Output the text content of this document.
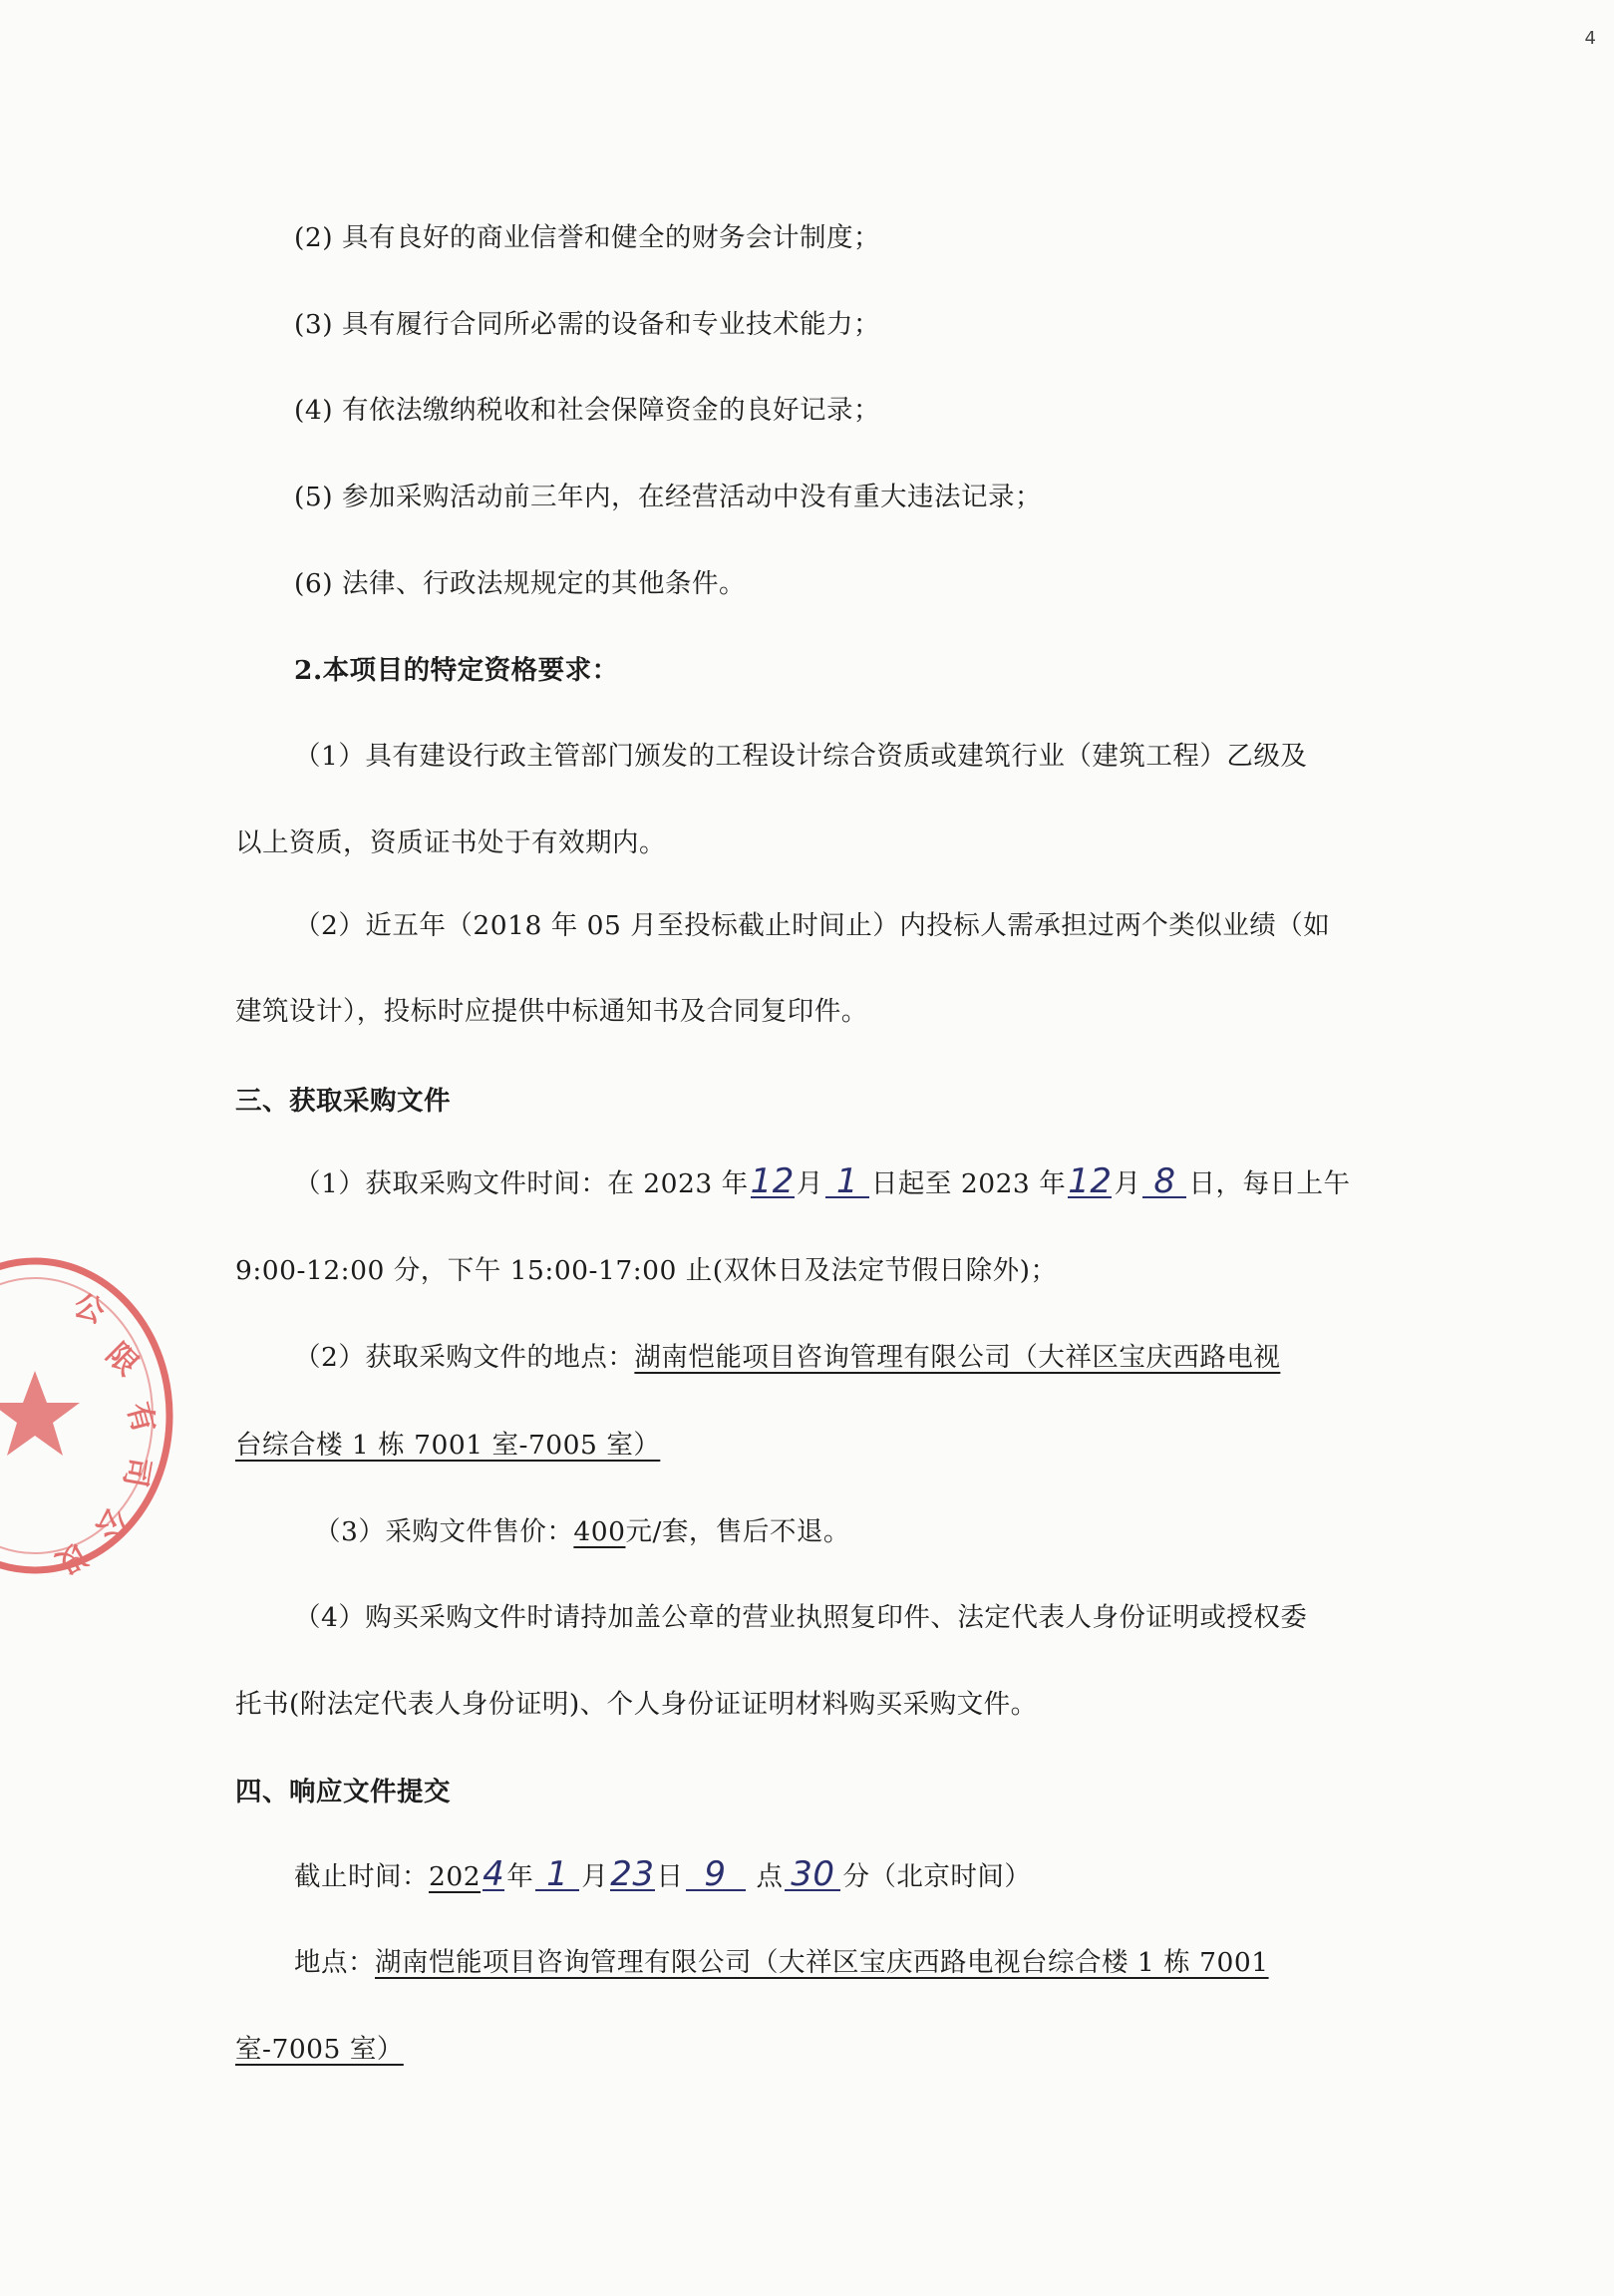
4
(2) 具有良好的商业信誉和健全的财务会计制度；
(3) 具有履行合同所必需的设备和专业技术能力；
(4) 有依法缴纳税收和社会保障资金的良好记录；
(5) 参加采购活动前三年内，在经营活动中没有重大违法记录；
(6) 法律、行政法规规定的其他条件。
2.本项目的特定资格要求：
（1）具有建设行政主管部门颁发的工程设计综合资质或建筑行业（建筑工程）乙级及
以上资质，资质证书处于有效期内。
（2）近五年（2018 年 05 月至投标截止时间止）内投标人需承担过两个类似业绩（如
建筑设计），投标时应提供中标通知书及合同复印件。
三、获取采购文件
（1）获取采购文件时间：在 2023 年12月 1 日起至 2023 年12月 8 日，每日上午
9:00-12:00 分，下午 15:00-17:00 止(双休日及法定节假日除外)；
（2）获取采购文件的地点：湖南恺能项目咨询管理有限公司（大祥区宝庆西路电视
台综合楼 1 栋 7001 室-7005 室）
（3）采购文件售价：400元/套，售后不退。
（4）购买采购文件时请持加盖公章的营业执照复印件、法定代表人身份证明或授权委
托书(附法定代表人身份证明)、个人身份证证明材料购买采购文件。
四、响应文件提交
截止时间：2024年 1 月23日 9 点 30 分（北京时间）
地点：湖南恺能项目咨询管理有限公司（大祥区宝庆西路电视台综合楼 1 栋 7001
室-7005 室）
公
限
有
司
公
设
